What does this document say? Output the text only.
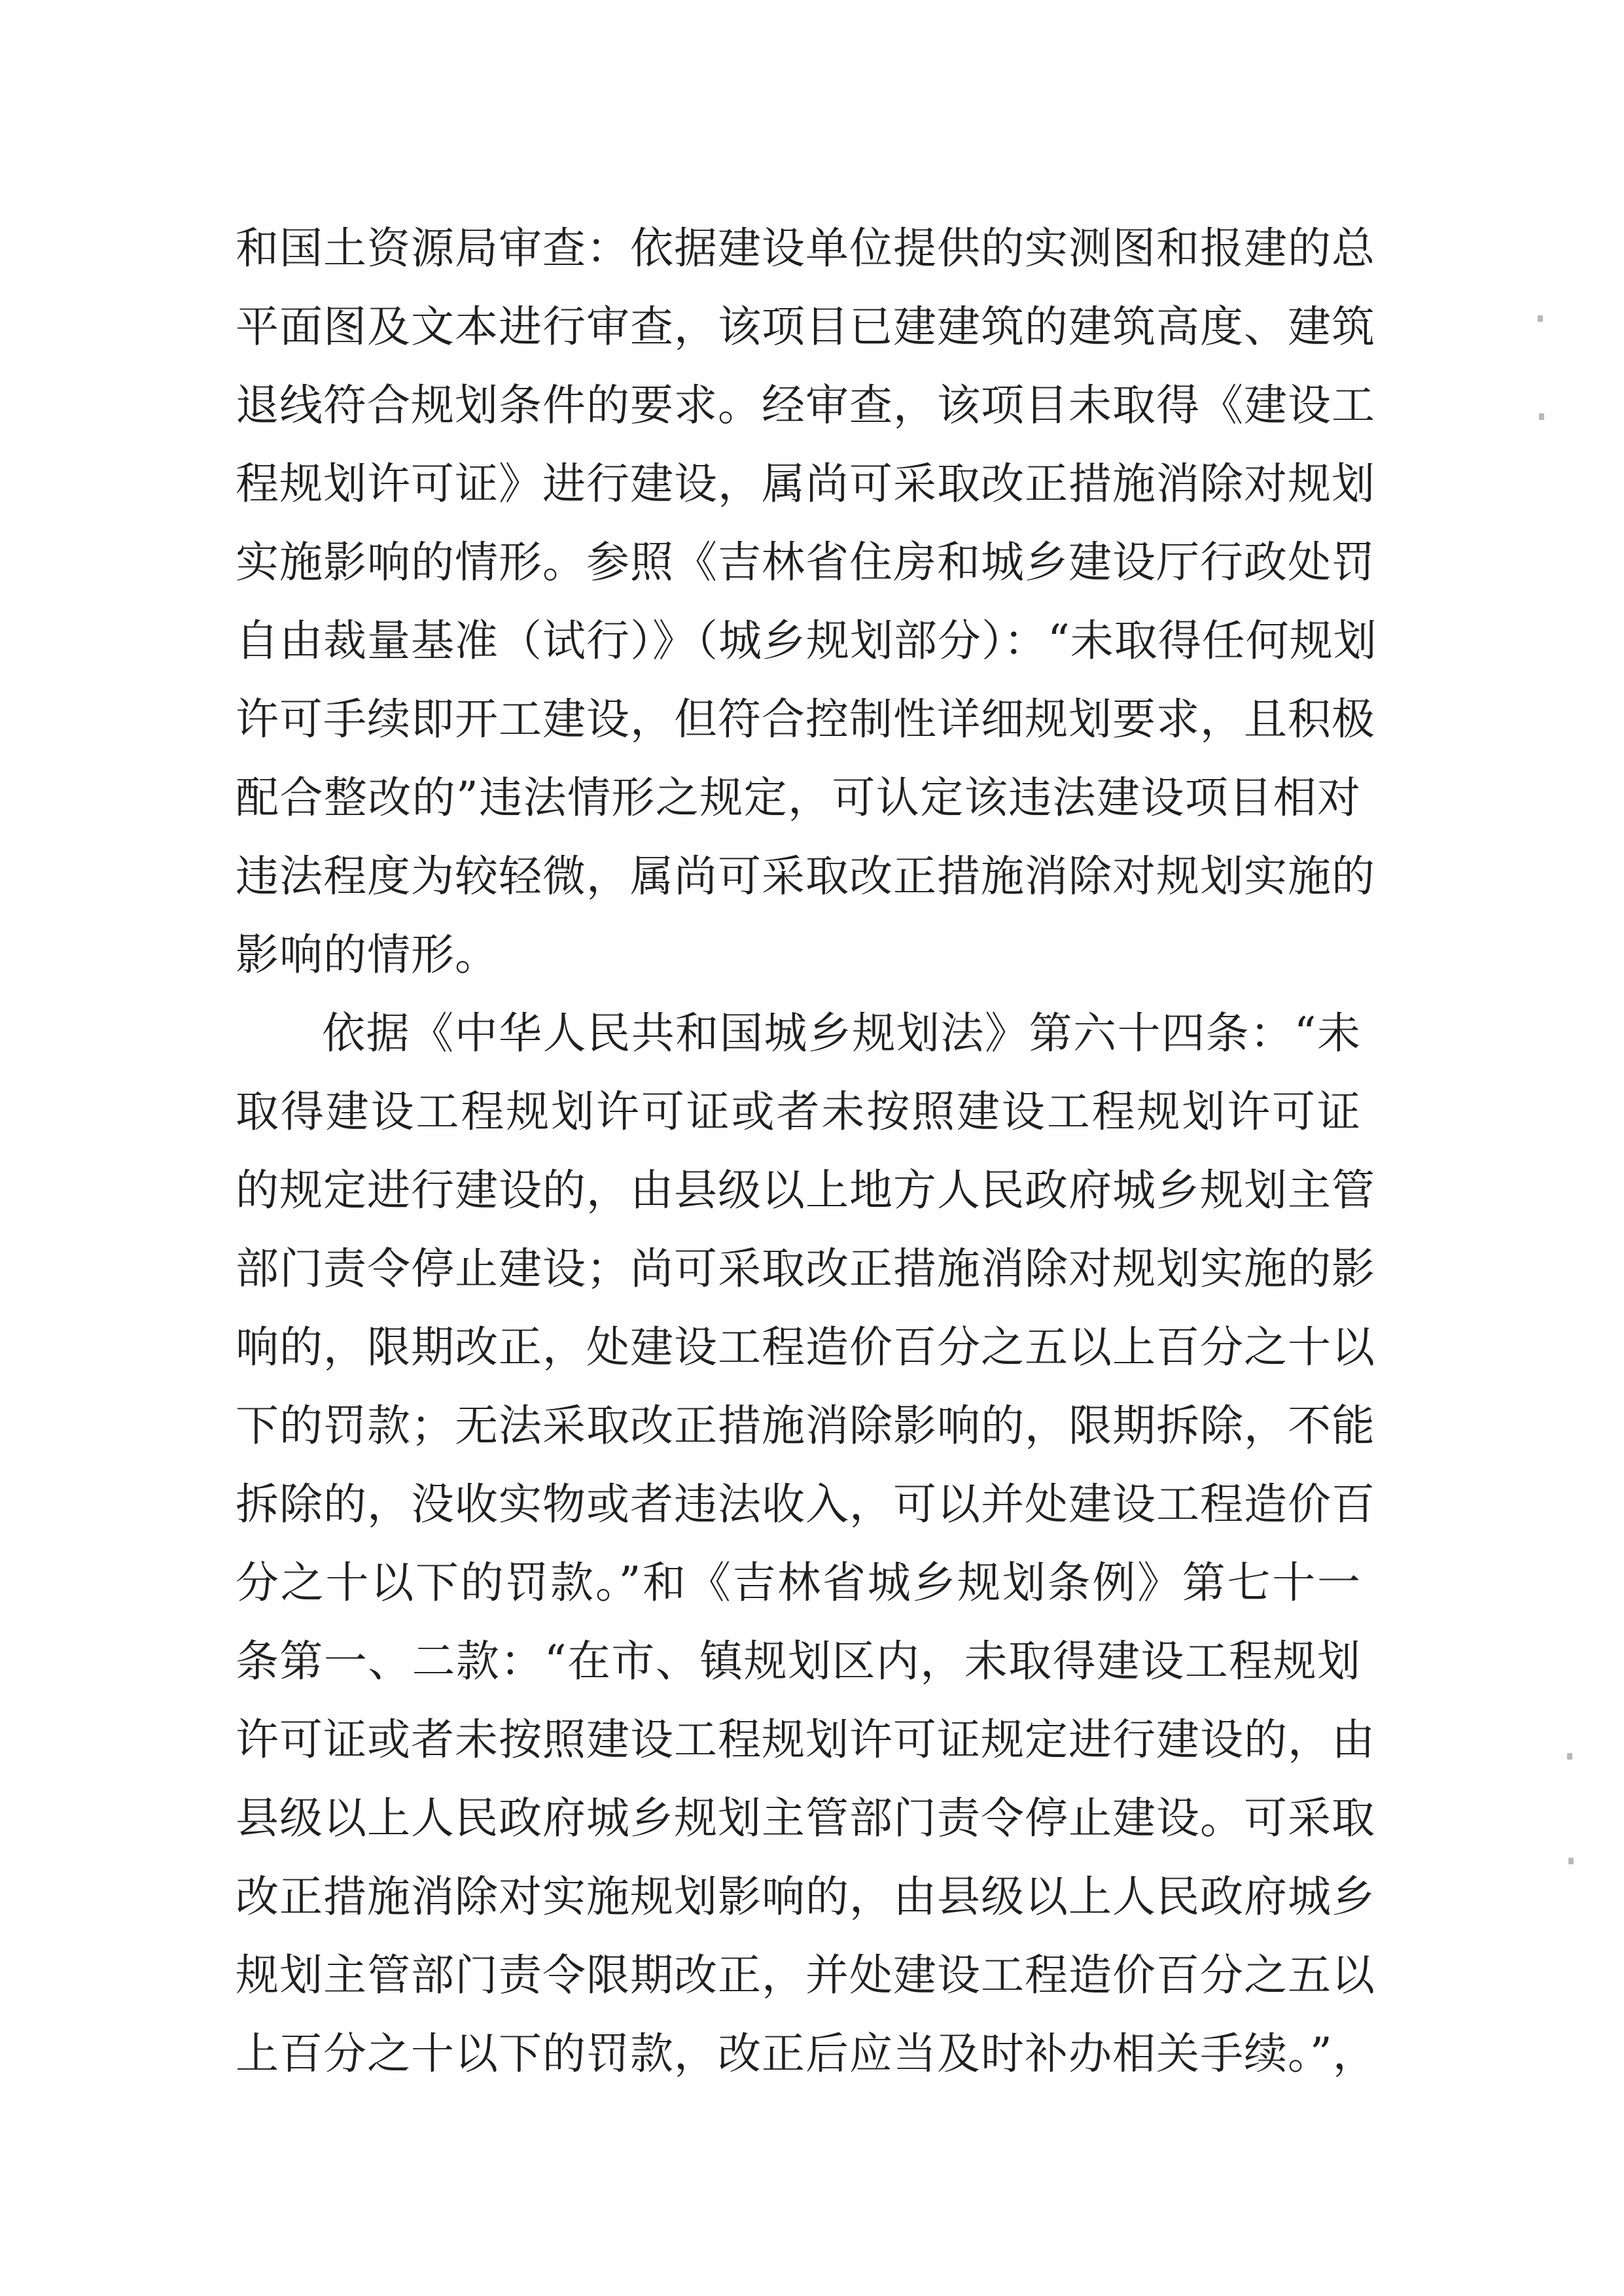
和国土资源局审查：依据建设单位提供的实测图和报建的总
平面图及文本进行审查，该项目已建建筑的建筑高度、建筑
退线符合规划条件的要求。经审查，该项目未取得《建设工
程规划许可证》进行建设，属尚可采取改正措施消除对规划
实施影响的情形。参照《吉林省住房和城乡建设厅行政处罚
自由裁量基准（试行）》（城乡规划部分）：“未取得任何规划
许可手续即开工建设，但符合控制性详细规划要求，且积极
配合整改的”违法情形之规定，可认定该违法建设项目相对
违法程度为较轻微，属尚可采取改正措施消除对规划实施的
影响的情形。
依据《中华人民共和国城乡规划法》第六十四条：“未
取得建设工程规划许可证或者未按照建设工程规划许可证
的规定进行建设的，由县级以上地方人民政府城乡规划主管
部门责令停止建设；尚可采取改正措施消除对规划实施的影
响的，限期改正，处建设工程造价百分之五以上百分之十以
下的罚款；无法采取改正措施消除影响的，限期拆除，不能
拆除的，没收实物或者违法收入，可以并处建设工程造价百
分之十以下的罚款。”和《吉林省城乡规划条例》第七十一
条第一、二款：“在市、镇规划区内，未取得建设工程规划
许可证或者未按照建设工程规划许可证规定进行建设的，由
县级以上人民政府城乡规划主管部门责令停止建设。可采取
改正措施消除对实施规划影响的，由县级以上人民政府城乡
规划主管部门责令限期改正，并处建设工程造价百分之五以
上百分之十以下的罚款，改正后应当及时补办相关手续。”，
